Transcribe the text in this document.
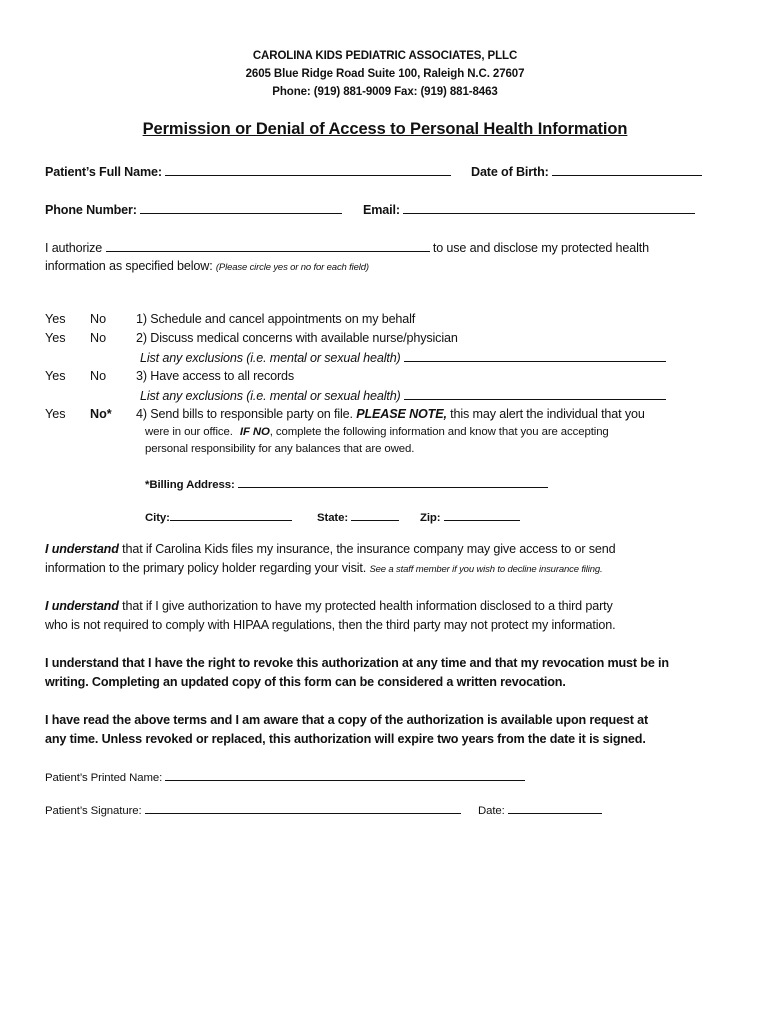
CAROLINA KIDS PEDIATRIC ASSOCIATES, PLLC
2605 Blue Ridge Road Suite 100, Raleigh N.C. 27607
Phone: (919) 881-9009 Fax: (919) 881-8463
Permission or Denial of Access to Personal Health Information
Patient’s Full Name:	Date of Birth:
Phone Number:	Email:
I authorize	to use and disclose my protected health
information as specified below: (Please circle yes or no for each field)
Yes No 1) Schedule and cancel appointments on my behalf
Yes No 2) Discuss medical concerns with available nurse/physician
List any exclusions (i.e. mental or sexual health)
Yes No 3) Have access to all records
List any exclusions (i.e. mental or sexual health)
Yes No* 4) Send bills to responsible party on file. PLEASE NOTE, this may alert the individual that you
were in our office. IF NO, complete the following information and know that you are accepting
personal responsibility for any balances that are owed.
*Billing Address:
City:	State:	Zip:
I understand that if Carolina Kids files my insurance, the insurance company may give access to or send
information to the primary policy holder regarding your visit. See a staff member if you wish to decline insurance filing.
I understand that if I give authorization to have my protected health information disclosed to a third party
who is not required to comply with HIPAA regulations, then the third party may not protect my information.
I understand that I have the right to revoke this authorization at any time and that my revocation must be in
writing. Completing an updated copy of this form can be considered a written revocation.
I have read the above terms and I am aware that a copy of the authorization is available upon request at
any time. Unless revoked or replaced, this authorization will expire two years from the date it is signed.
Patient’s Printed Name:
Patient’s Signature:	Date:
